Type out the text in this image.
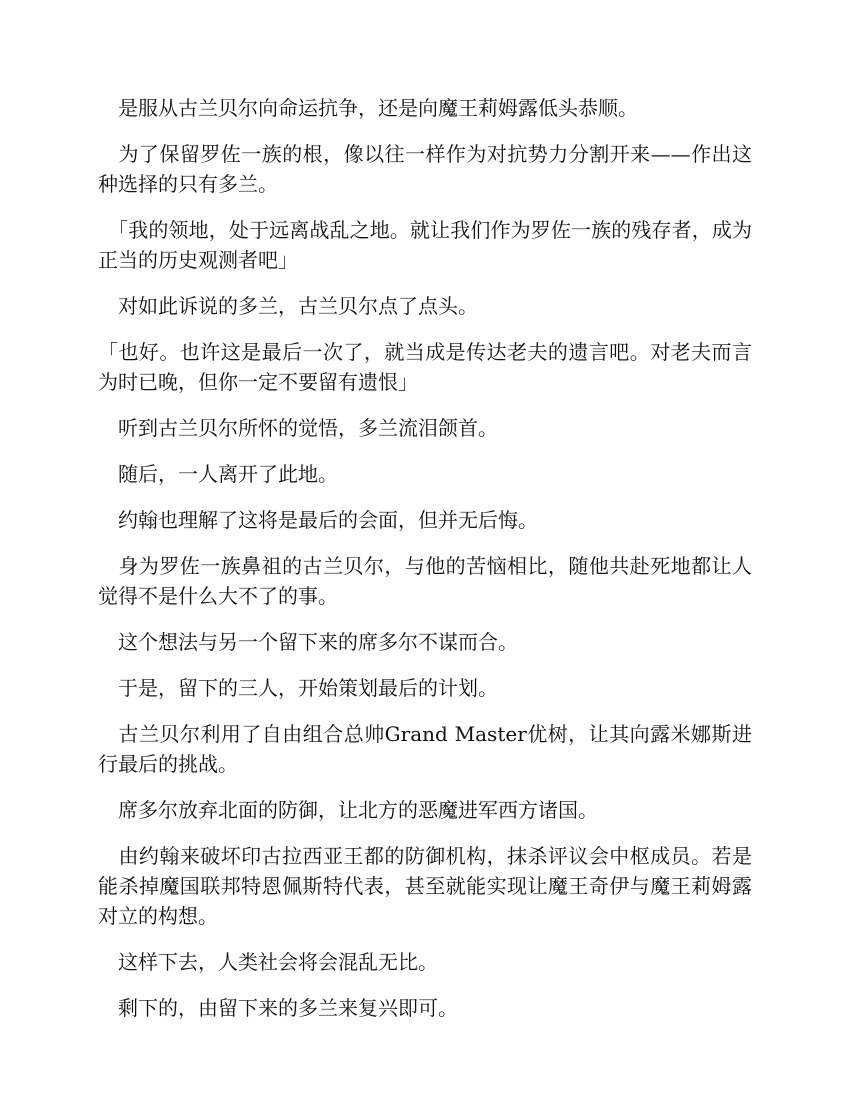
　是服从古兰贝尔向命运抗争，还是向魔王莉姆露低头恭顺。

　为了保留罗佐一族的根，像以往一样作为对抗势力分割开来——作出这种选择的只有多兰。

　「我的领地，处于远离战乱之地。就让我们作为罗佐一族的残存者，成为正当的历史观测者吧」

　对如此诉说的多兰，古兰贝尔点了点头。

「也好。也许这是最后一次了，就当成是传达老夫的遗言吧。对老夫而言为时已晚，但你一定不要留有遗恨」

　听到古兰贝尔所怀的觉悟，多兰流泪颌首。

　随后，一人离开了此地。

　约翰也理解了这将是最后的会面，但并无后悔。

　身为罗佐一族鼻祖的古兰贝尔，与他的苦恼相比，随他共赴死地都让人觉得不是什么大不了的事。

　这个想法与另一个留下来的席多尔不谋而合。

　于是，留下的三人，开始策划最后的计划。

　古兰贝尔利用了自由组合总帅Grand Master优树，让其向露米娜斯进行最后的挑战。

　席多尔放弃北面的防御，让北方的恶魔进军西方诸国。

　由约翰来破坏印古拉西亚王都的防御机构，抹杀评议会中枢成员。若是能杀掉魔国联邦特恩佩斯特代表，甚至就能实现让魔王奇伊与魔王莉姆露对立的构想。

　这样下去，人类社会将会混乱无比。

　剩下的，由留下来的多兰来复兴即可。
